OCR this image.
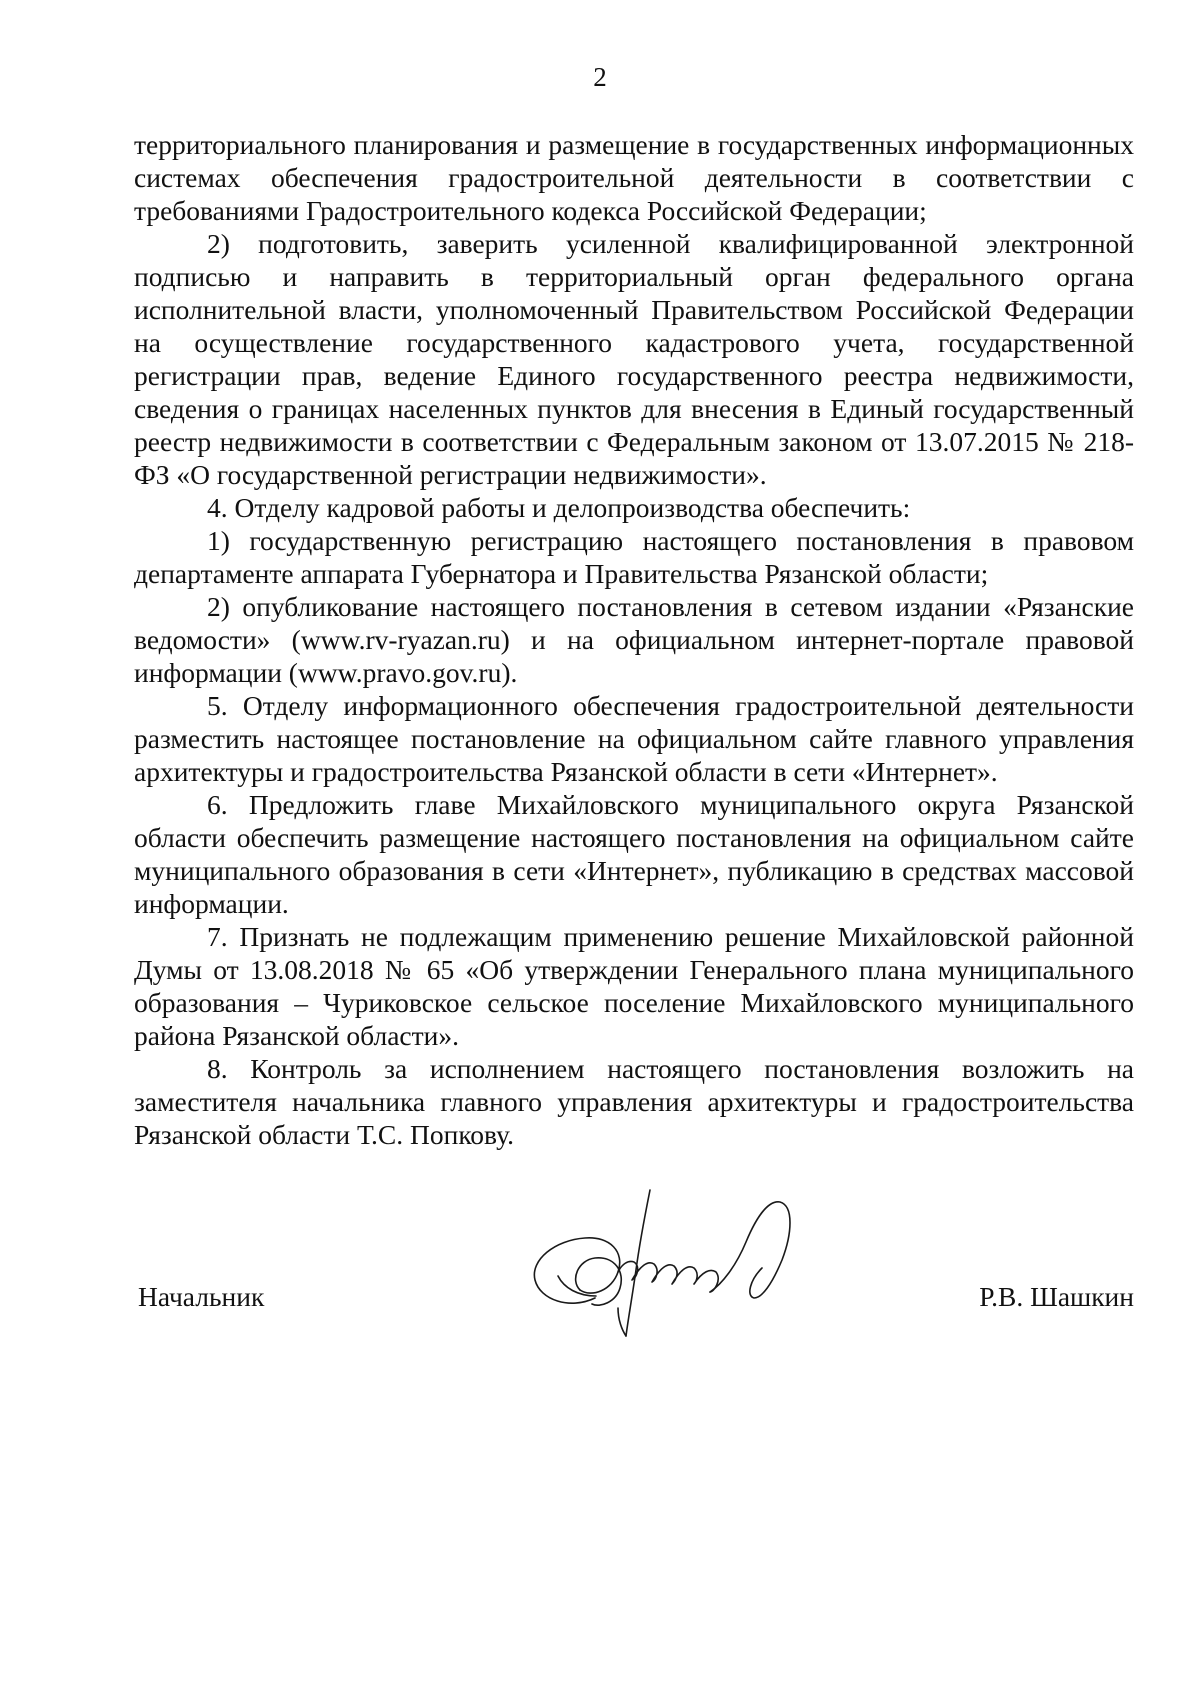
2

территориального планирования и размещение в государственных информационных системах обеспечения градостроительной деятельности в соответствии с требованиями Градостроительного кодекса Российской Федерации;

2) подготовить, заверить усиленной квалифицированной электронной подписью и направить в территориальный орган федерального органа исполнительной власти, уполномоченный Правительством Российской Федерации на осуществление государственного кадастрового учета, государственной регистрации прав, ведение Единого государственного реестра недвижимости, сведения о границах населенных пунктов для внесения в Единый государственный реестр недвижимости в соответствии с Федеральным законом от 13.07.2015 № 218-ФЗ «О государственной регистрации недвижимости».

4. Отделу кадровой работы и делопроизводства обеспечить:

1) государственную регистрацию настоящего постановления в правовом департаменте аппарата Губернатора и Правительства Рязанской области;

2) опубликование настоящего постановления в сетевом издании «Рязанские ведомости» (www.rv-ryazan.ru) и на официальном интернет-портале правовой информации (www.pravo.gov.ru).

5. Отделу информационного обеспечения градостроительной деятельности разместить настоящее постановление на официальном сайте главного управления архитектуры и градостроительства Рязанской области в сети «Интернет».

6. Предложить главе Михайловского муниципального округа Рязанской области обеспечить размещение настоящего постановления на официальном сайте муниципального образования в сети «Интернет», публикацию в средствах массовой информации.

7. Признать не подлежащим применению решение Михайловской районной Думы от 13.08.2018 № 65 «Об утверждении Генерального плана муниципального образования – Чуриковское сельское поселение Михайловского муниципального района Рязанской области».

8. Контроль за исполнением настоящего постановления возложить на заместителя начальника главного управления архитектуры и градостроительства Рязанской области Т.С. Попкову.

Начальник	Р.В. Шашкин
